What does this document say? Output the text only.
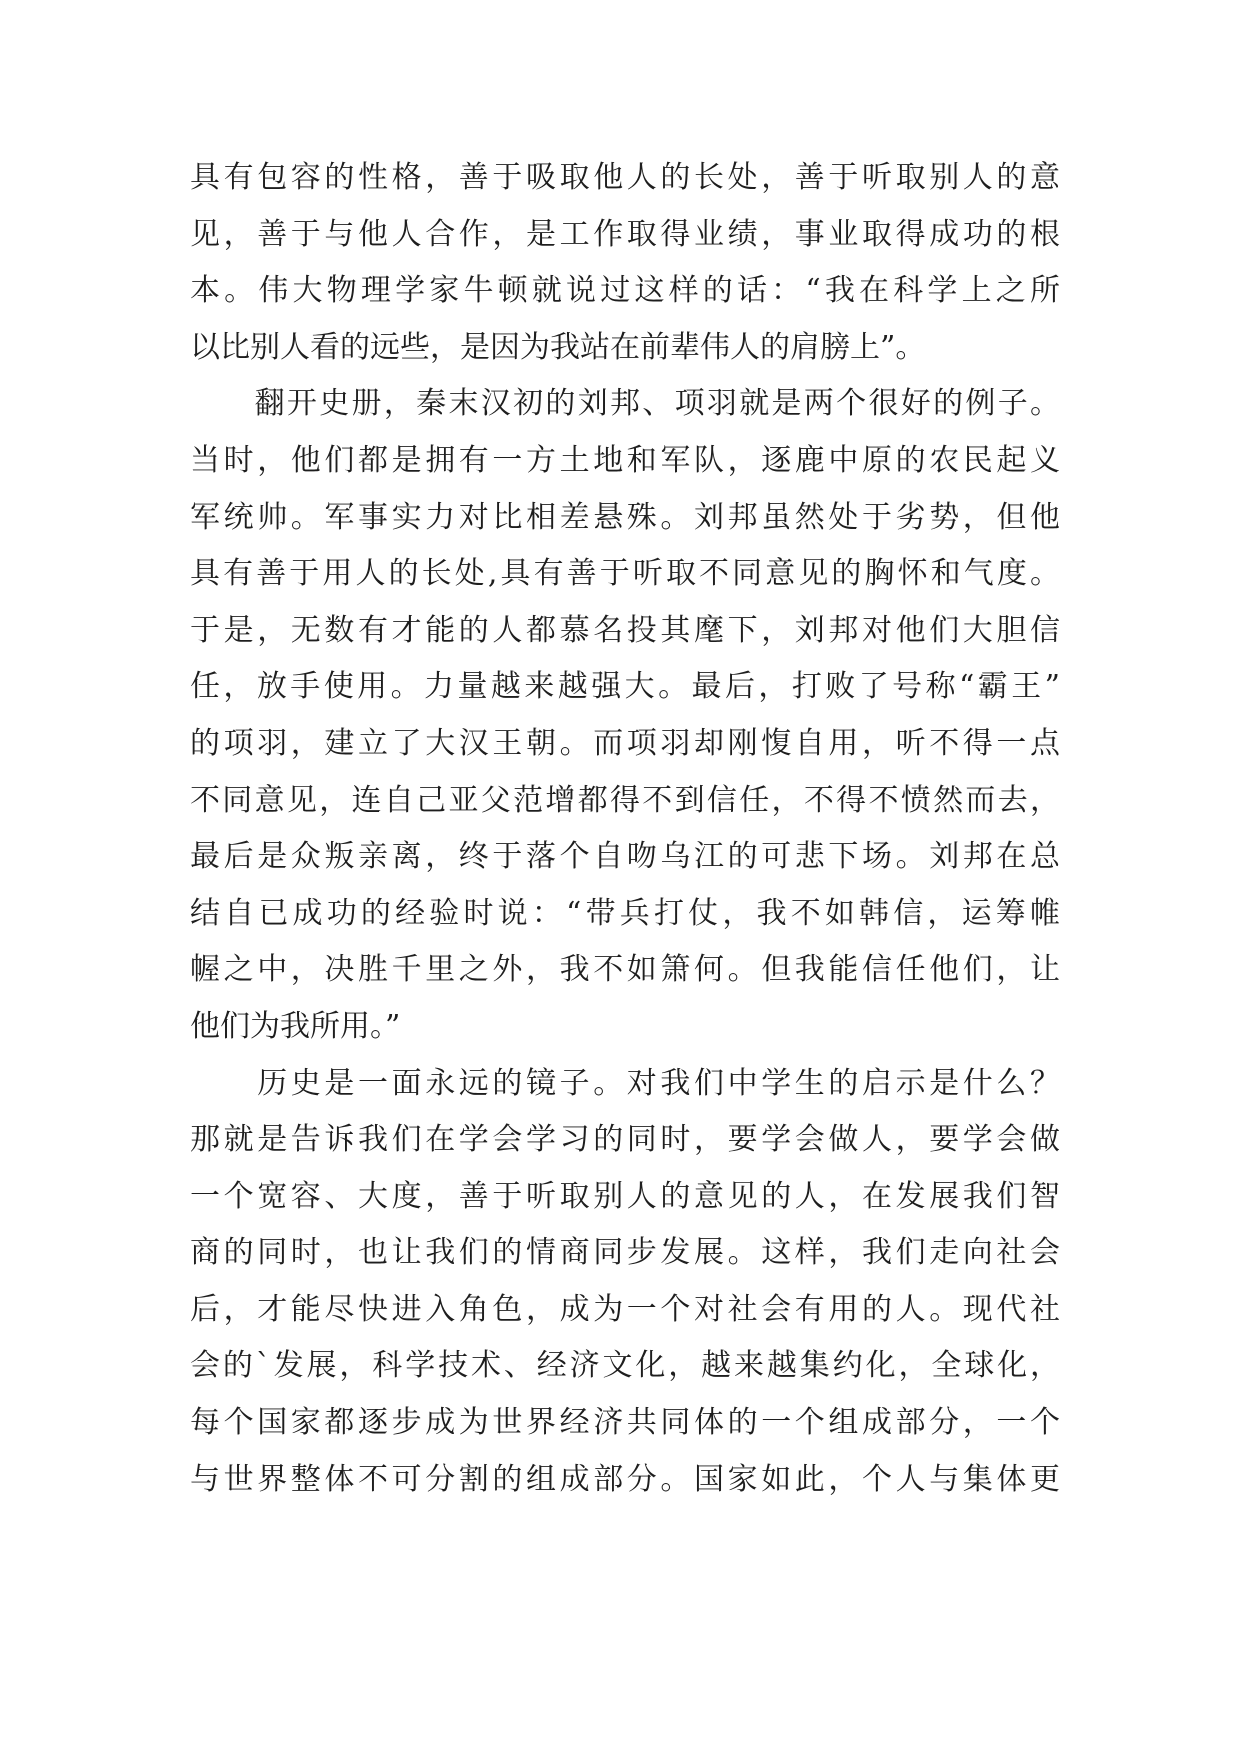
具有包容的性格，善于吸取他人的长处，善于听取别人的意
见，善于与他人合作，是工作取得业绩，事业取得成功的根
本。伟大物理学家牛顿就说过这样的话：“我在科学上之所
以比别人看的远些，是因为我站在前辈伟人的肩膀上”。
　　翻开史册，秦末汉初的刘邦、项羽就是两个很好的例子。
当时，他们都是拥有一方土地和军队，逐鹿中原的农民起义
军统帅。军事实力对比相差悬殊。刘邦虽然处于劣势，但他
具有善于用人的长处,具有善于听取不同意见的胸怀和气度。
于是，无数有才能的人都慕名投其麾下，刘邦对他们大胆信
任，放手使用。力量越来越强大。最后，打败了号称“霸王”
的项羽，建立了大汉王朝。而项羽却刚愎自用，听不得一点
不同意见，连自己亚父范增都得不到信任，不得不愤然而去，
最后是众叛亲离，终于落个自吻乌江的可悲下场。刘邦在总
结自已成功的经验时说：“带兵打仗，我不如韩信，运筹帷
幄之中，决胜千里之外，我不如箫何。但我能信任他们，让
他们为我所用。”
　　历史是一面永远的镜子。对我们中学生的启示是什么？
那就是告诉我们在学会学习的同时，要学会做人，要学会做
一个宽容、大度，善于听取别人的意见的人，在发展我们智
商的同时，也让我们的情商同步发展。这样，我们走向社会
后，才能尽快进入角色，成为一个对社会有用的人。现代社
会的`发展，科学技术、经济文化，越来越集约化，全球化，
每个国家都逐步成为世界经济共同体的一个组成部分，一个
与世界整体不可分割的组成部分。国家如此，个人与集体更
